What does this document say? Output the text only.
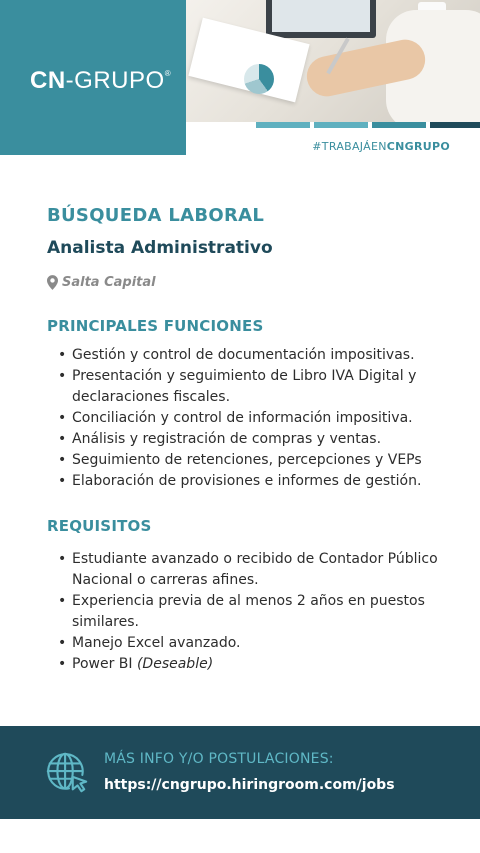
CN-GRUPO®
#TRABAJÁENCNGRUPO
BÚSQUEDA LABORAL
Analista Administrativo
Salta Capital
PRINCIPALES FUNCIONES
• Gestión y control de documentación impositivas.
• Presentación y seguimiento de Libro IVA Digital y declaraciones fiscales.
• Conciliación y control de información impositiva.
• Análisis y registración de compras y ventas.
• Seguimiento de retenciones, percepciones y VEPs
• Elaboración de provisiones e informes de gestión.
REQUISITOS
• Estudiante avanzado o recibido de Contador Público Nacional o carreras afines.
• Experiencia previa de al menos 2 años en puestos similares.
• Manejo Excel avanzado.
• Power BI (Deseable)
MÁS INFO Y/O POSTULACIONES:
https://cngrupo.hiringroom.com/jobs
